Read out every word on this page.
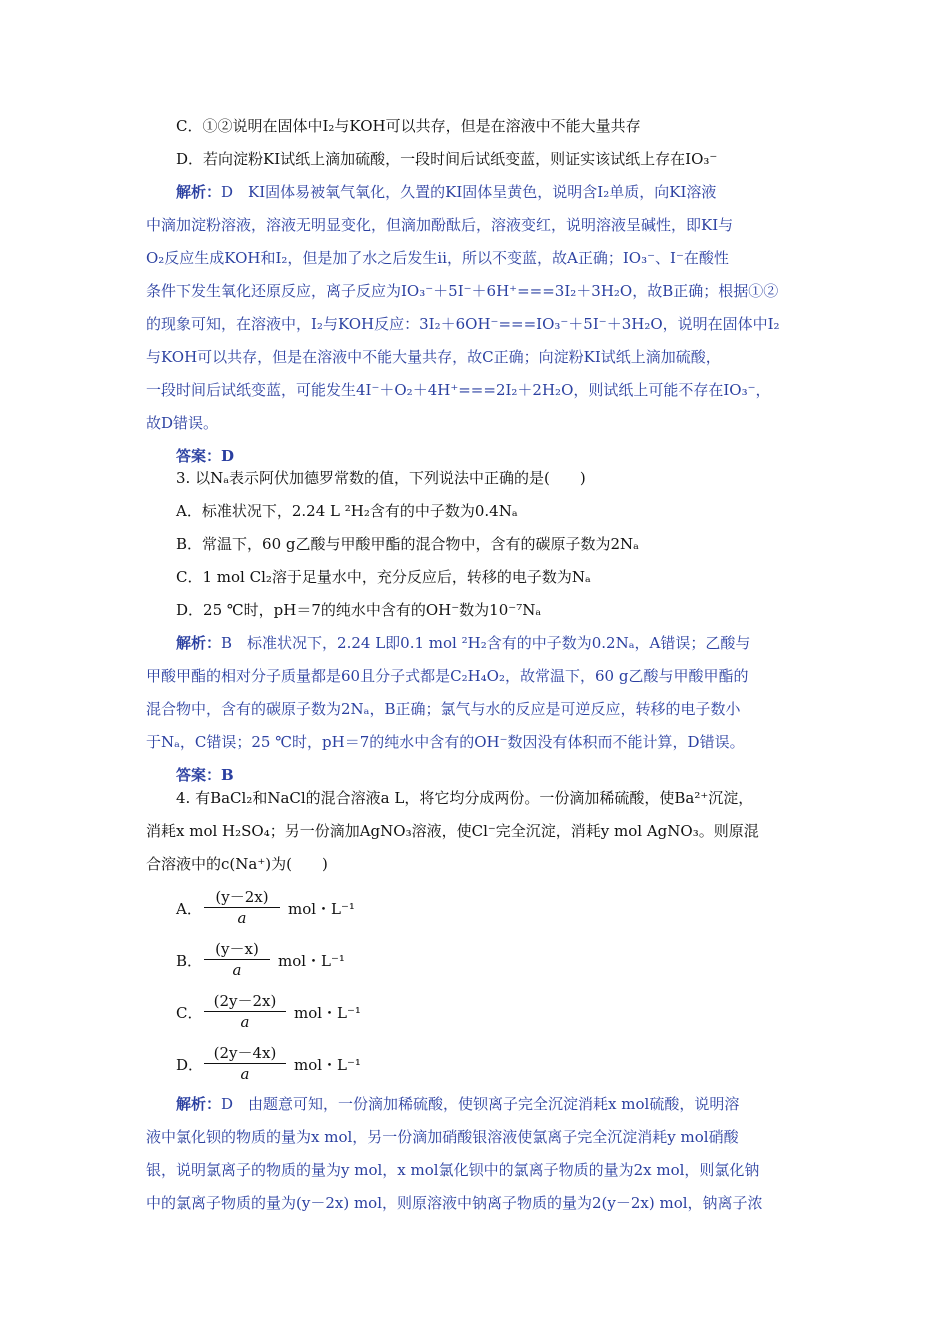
C．①②说明在固体中I₂与KOH可以共存，但是在溶液中不能大量共存
D．若向淀粉KI试纸上滴加硫酸，一段时间后试纸变蓝，则证实该试纸上存在IO₃⁻
解析：D　KI固体易被氧气氧化，久置的KI固体呈黄色，说明含I₂单质，向KI溶液
中滴加淀粉溶液，溶液无明显变化，但滴加酚酞后，溶液变红，说明溶液呈碱性，即KI与
O₂反应生成KOH和I₂，但是加了水之后发生ⅱ，所以不变蓝，故A正确；IO₃⁻、I⁻在酸性
条件下发生氧化还原反应，离子反应为IO₃⁻＋5I⁻＋6H⁺===3I₂＋3H₂O，故B正确；根据①②
的现象可知，在溶液中，I₂与KOH反应：3I₂＋6OH⁻===IO₃⁻＋5I⁻＋3H₂O，说明在固体中I₂
与KOH可以共存，但是在溶液中不能大量共存，故C正确；向淀粉KI试纸上滴加硫酸，
一段时间后试纸变蓝，可能发生4I⁻＋O₂＋4H⁺===2I₂＋2H₂O，则试纸上可能不存在IO₃⁻，
故D错误。
答案：D
3. 以Nₐ表示阿伏加德罗常数的值，下列说法中正确的是(　　)
A．标准状况下，2.24 L ²H₂含有的中子数为0.4Nₐ
B．常温下，60 g乙酸与甲酸甲酯的混合物中，含有的碳原子数为2Nₐ
C．1 mol Cl₂溶于足量水中，充分反应后，转移的电子数为Nₐ
D．25 ℃时，pH＝7的纯水中含有的OH⁻数为10⁻⁷Nₐ
解析：B　标准状况下，2.24 L即0.1 mol ²H₂含有的中子数为0.2Nₐ，A错误；乙酸与
甲酸甲酯的相对分子质量都是60且分子式都是C₂H₄O₂，故常温下，60 g乙酸与甲酸甲酯的
混合物中，含有的碳原子数为2Nₐ，B正确；氯气与水的反应是可逆反应，转移的电子数小
于Nₐ，C错误；25 ℃时，pH＝7的纯水中含有的OH⁻数因没有体积而不能计算，D错误。
答案：B
4. 有BaCl₂和NaCl的混合溶液a L，将它均分成两份。一份滴加稀硫酸，使Ba²⁺沉淀，
消耗x mol H₂SO₄；另一份滴加AgNO₃溶液，使Cl⁻完全沉淀，消耗y mol AgNO₃。则原混
合溶液中的c(Na⁺)为(　　)
A．
(y－2x)
a	mol・L⁻¹
B．
(y－x)
a	mol・L⁻¹
C．
(2y－2x)
a	mol・L⁻¹
D．
(2y－4x)
a	mol・L⁻¹
解析：D　由题意可知，一份滴加稀硫酸，使钡离子完全沉淀消耗x mol硫酸，说明溶
液中氯化钡的物质的量为x mol，另一份滴加硝酸银溶液使氯离子完全沉淀消耗y mol硝酸
银，说明氯离子的物质的量为y mol，x mol氯化钡中的氯离子物质的量为2x mol，则氯化钠
中的氯离子物质的量为(y－2x) mol，则原溶液中钠离子物质的量为2(y－2x) mol，钠离子浓
